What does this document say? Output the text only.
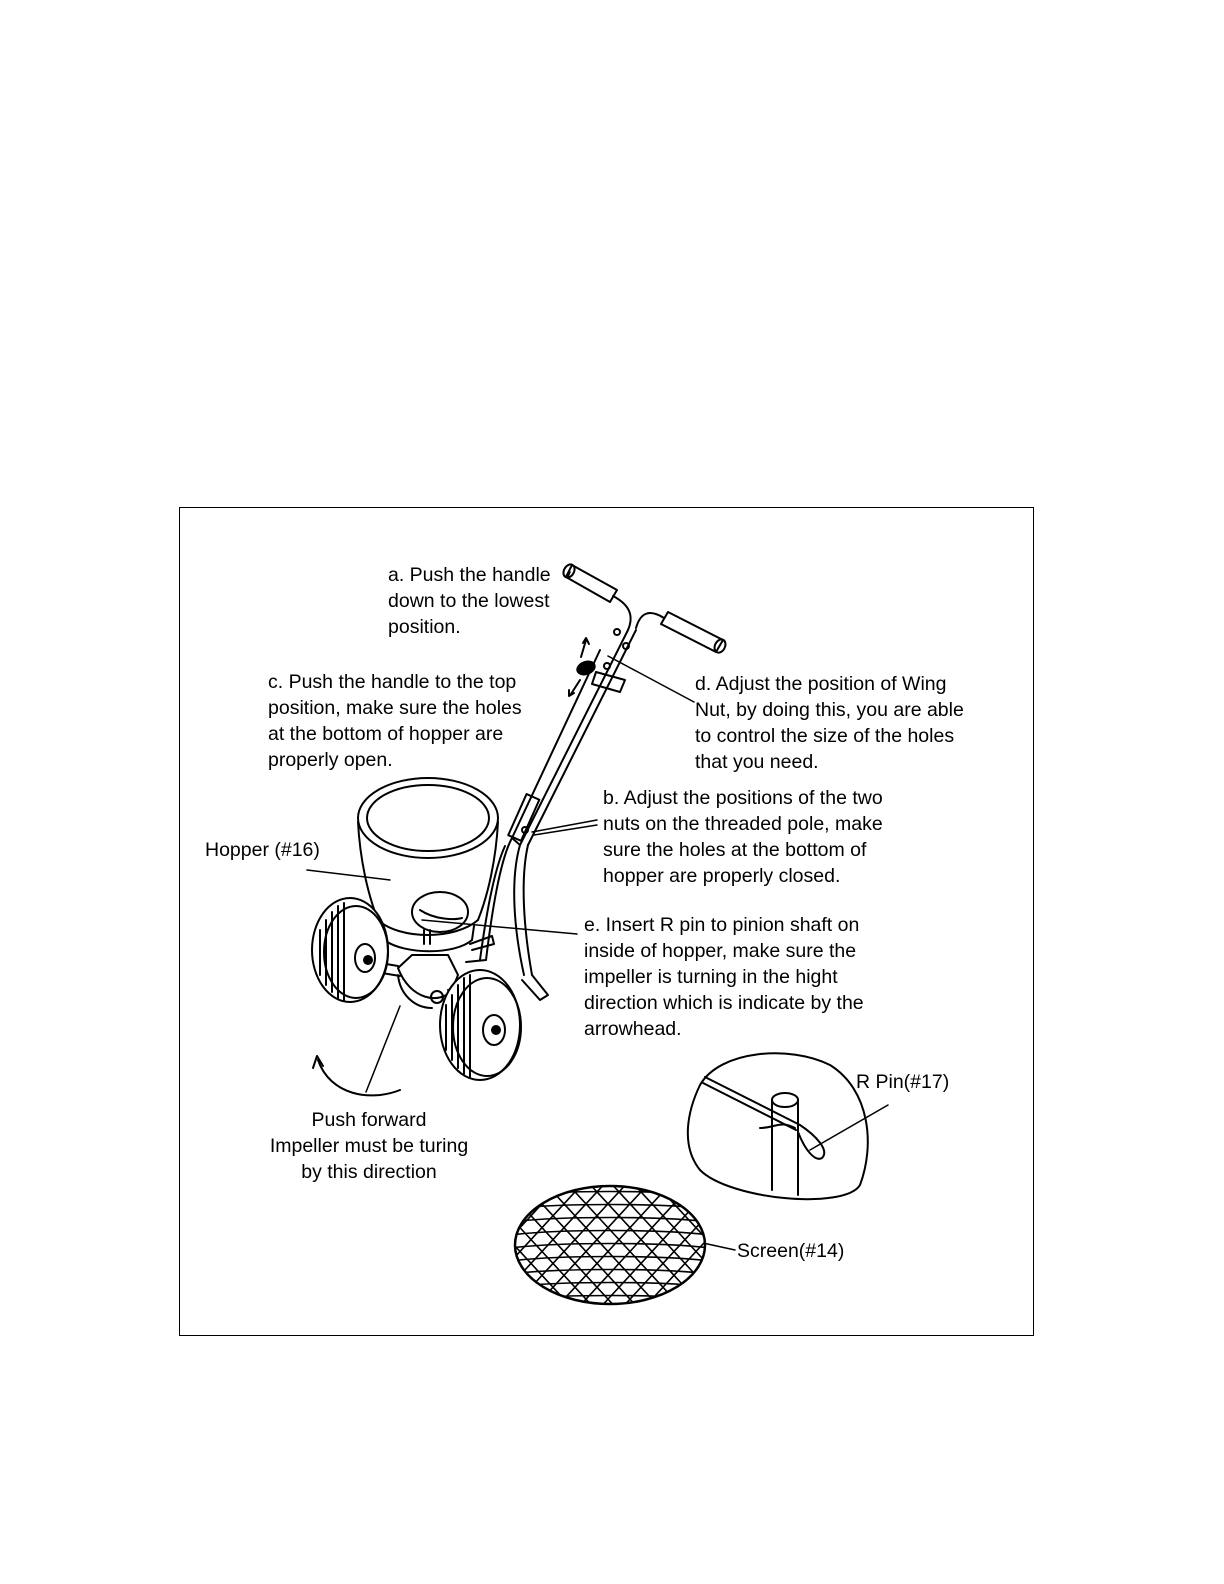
a. Push the handle
down to the lowest
position.
c. Push the handle to the top
position, make sure the holes
at the bottom of hopper are
properly open.
d. Adjust the position of Wing
Nut, by doing this, you are able
to control the size of the holes
that you need.
b. Adjust the positions of the two
nuts on the threaded pole, make
sure the holes at the bottom of
hopper are properly closed.
Hopper (#16)
e. Insert R pin to pinion shaft on
inside of hopper, make sure the
impeller is turning in the hight
direction which is indicate by the
arrowhead.
Push forward
Impeller must be turing
by this direction
R Pin(#17)
Screen(#14)
